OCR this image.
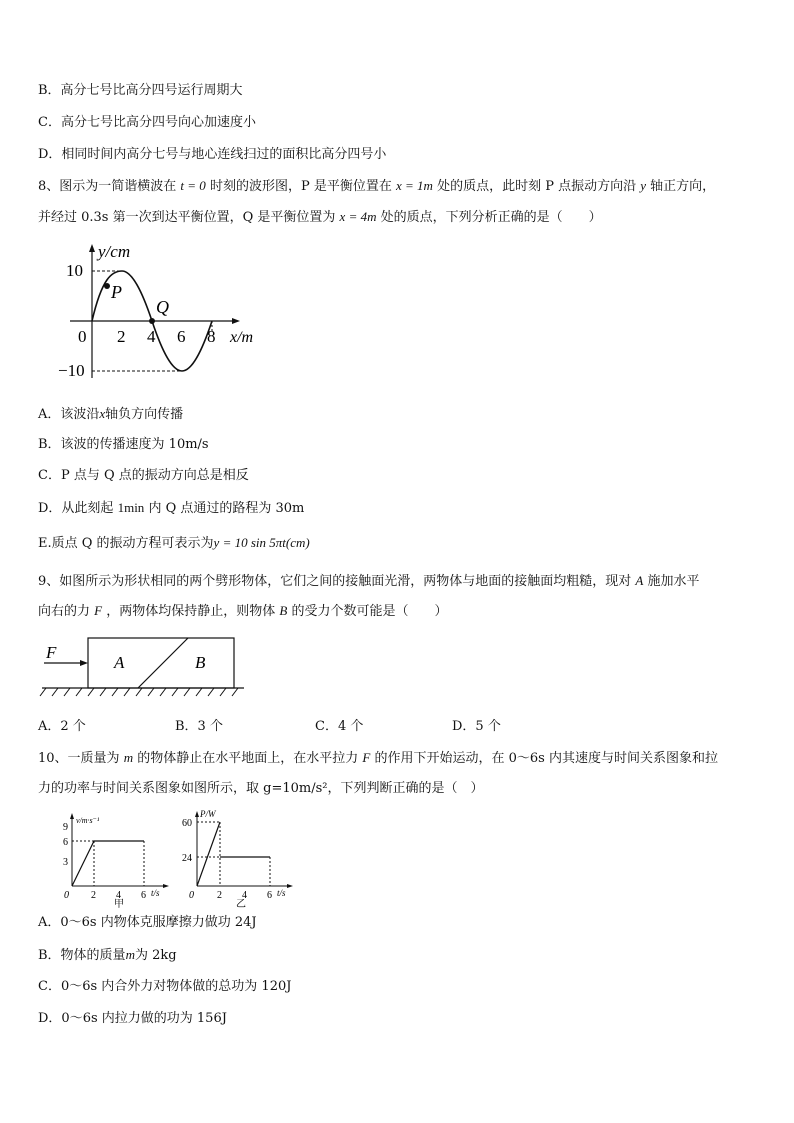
B．高分七号比高分四号运行周期大
C．高分七号比高分四号向心加速度小
D．相同时间内高分七号与地心连线扫过的面积比高分四号小
8、图示为一简谐横波在 t = 0 时刻的波形图，P 是平衡位置在 x = 1m 处的质点，此时刻 P 点振动方向沿 y 轴正方向，
并经过 0.3s 第一次到达平衡位置，Q 是平衡位置为 x = 4m 处的质点，下列分析正确的是（　　）
y/cm
x/m
10
−10
0 2 4 6 8
P
Q
A．该波沿x轴负方向传播
B．该波的传播速度为 10m/s
C．P 点与 Q 点的振动方向总是相反
D．从此刻起 1min 内 Q 点通过的路程为 30m
E.质点 Q 的振动方程可表示为y = 10 sin 5πt(cm)
9、如图所示为形状相同的两个劈形物体，它们之间的接触面光滑，两物体与地面的接触面均粗糙，现对 A 施加水平
向右的力 F ，两物体均保持静止，则物体 B 的受力个数可能是（　　）
F
A	B
A．2 个	B．3 个	C．4 个	D．5 个
10、一质量为 m 的物体静止在水平地面上，在水平拉力 F 的作用下开始运动，在 0～6s 内其速度与时间关系图象和拉
力的功率与时间关系图象如图所示，取 g=10m/s²，下列判断正确的是（　）
v/m·s⁻¹
t/s
9
6
3
0 2 4 6
甲
P/W
t/s
60
24
0 2 4 6
乙
A．0～6s 内物体克服摩擦力做功 24J
B．物体的质量m为 2kg
C．0～6s 内合外力对物体做的总功为 120J
D．0～6s 内拉力做的功为 156J
